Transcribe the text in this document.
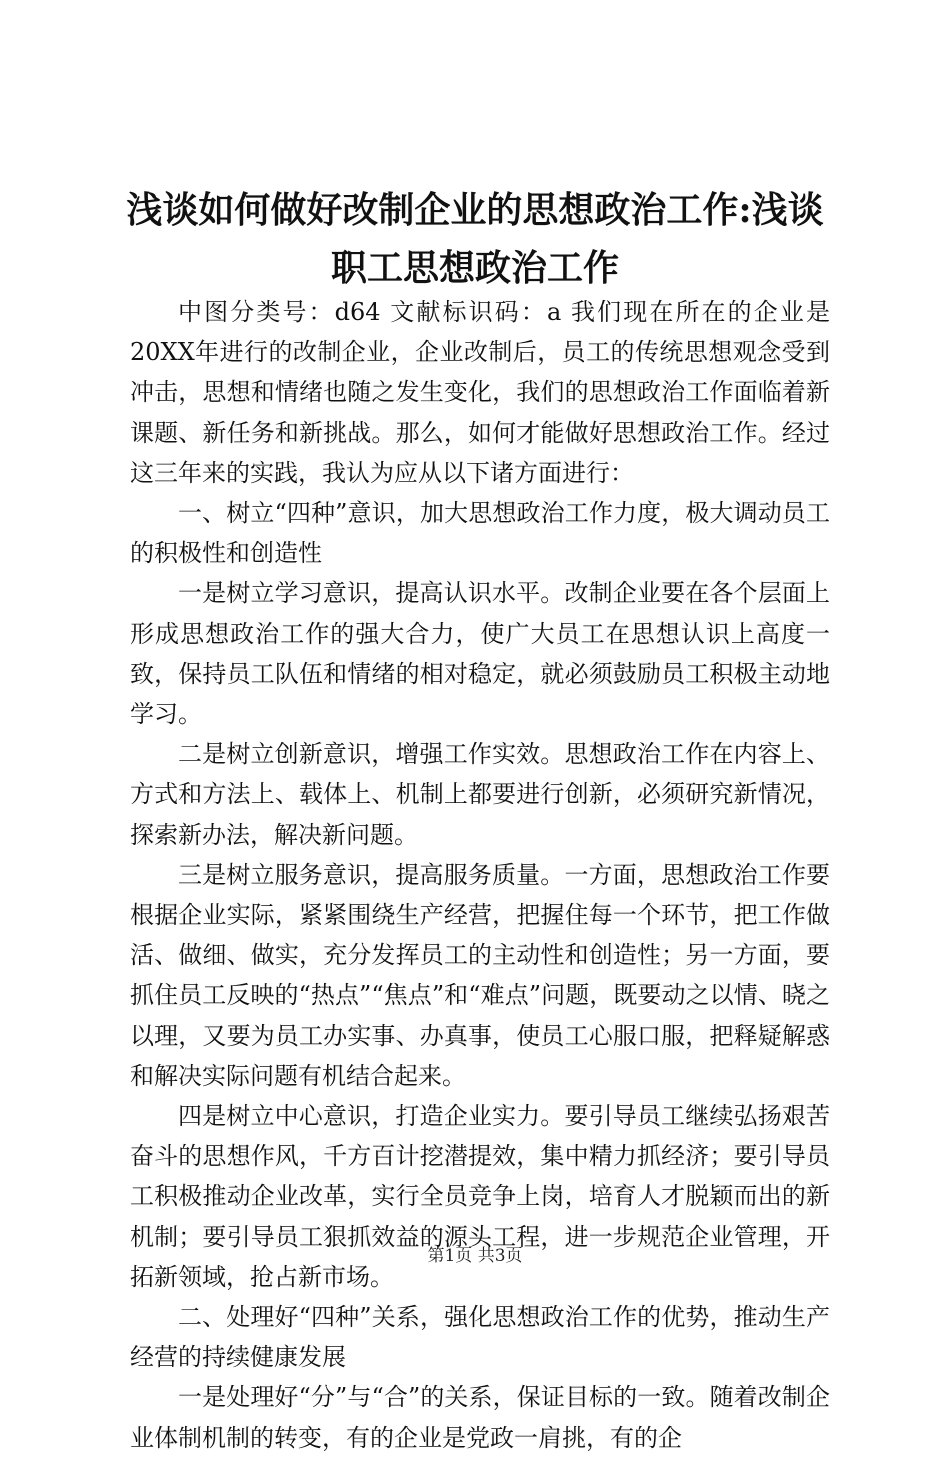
浅谈如何做好改制企业的思想政治工作:浅谈
职工思想政治工作

中图分类号：d64 文献标识码：a 我们现在所在的企业是20XX年进行的改制企业，企业改制后，员工的传统思想观念受到冲击，思想和情绪也随之发生变化，我们的思想政治工作面临着新课题、新任务和新挑战。那么，如何才能做好思想政治工作。经过这三年来的实践，我认为应从以下诸方面进行：

一、树立“四种”意识，加大思想政治工作力度，极大调动员工的积极性和创造性

一是树立学习意识，提高认识水平。改制企业要在各个层面上形成思想政治工作的强大合力，使广大员工在思想认识上高度一致，保持员工队伍和情绪的相对稳定，就必须鼓励员工积极主动地学习。

二是树立创新意识，增强工作实效。思想政治工作在内容上、方式和方法上、载体上、机制上都要进行创新，必须研究新情况，探索新办法，解决新问题。

三是树立服务意识，提高服务质量。一方面，思想政治工作要根据企业实际，紧紧围绕生产经营，把握住每一个环节，把工作做活、做细、做实，充分发挥员工的主动性和创造性；另一方面，要抓住员工反映的“热点”“焦点”和“难点”问题，既要动之以情、晓之以理，又要为员工办实事、办真事，使员工心服口服，把释疑解惑和解决实际问题有机结合起来。

四是树立中心意识，打造企业实力。要引导员工继续弘扬艰苦奋斗的思想作风，千方百计挖潜提效，集中精力抓经济；要引导员工积极推动企业改革，实行全员竞争上岗，培育人才脱颖而出的新机制；要引导员工狠抓效益的源头工程，进一步规范企业管理，开拓新领域，抢占新市场。

二、处理好“四种”关系，强化思想政治工作的优势，推动生产经营的持续健康发展

一是处理好“分”与“合”的关系，保证目标的一致。随着改制企业体制机制的转变，有的企业是党政一肩挑，有的企

第1页 共3页
